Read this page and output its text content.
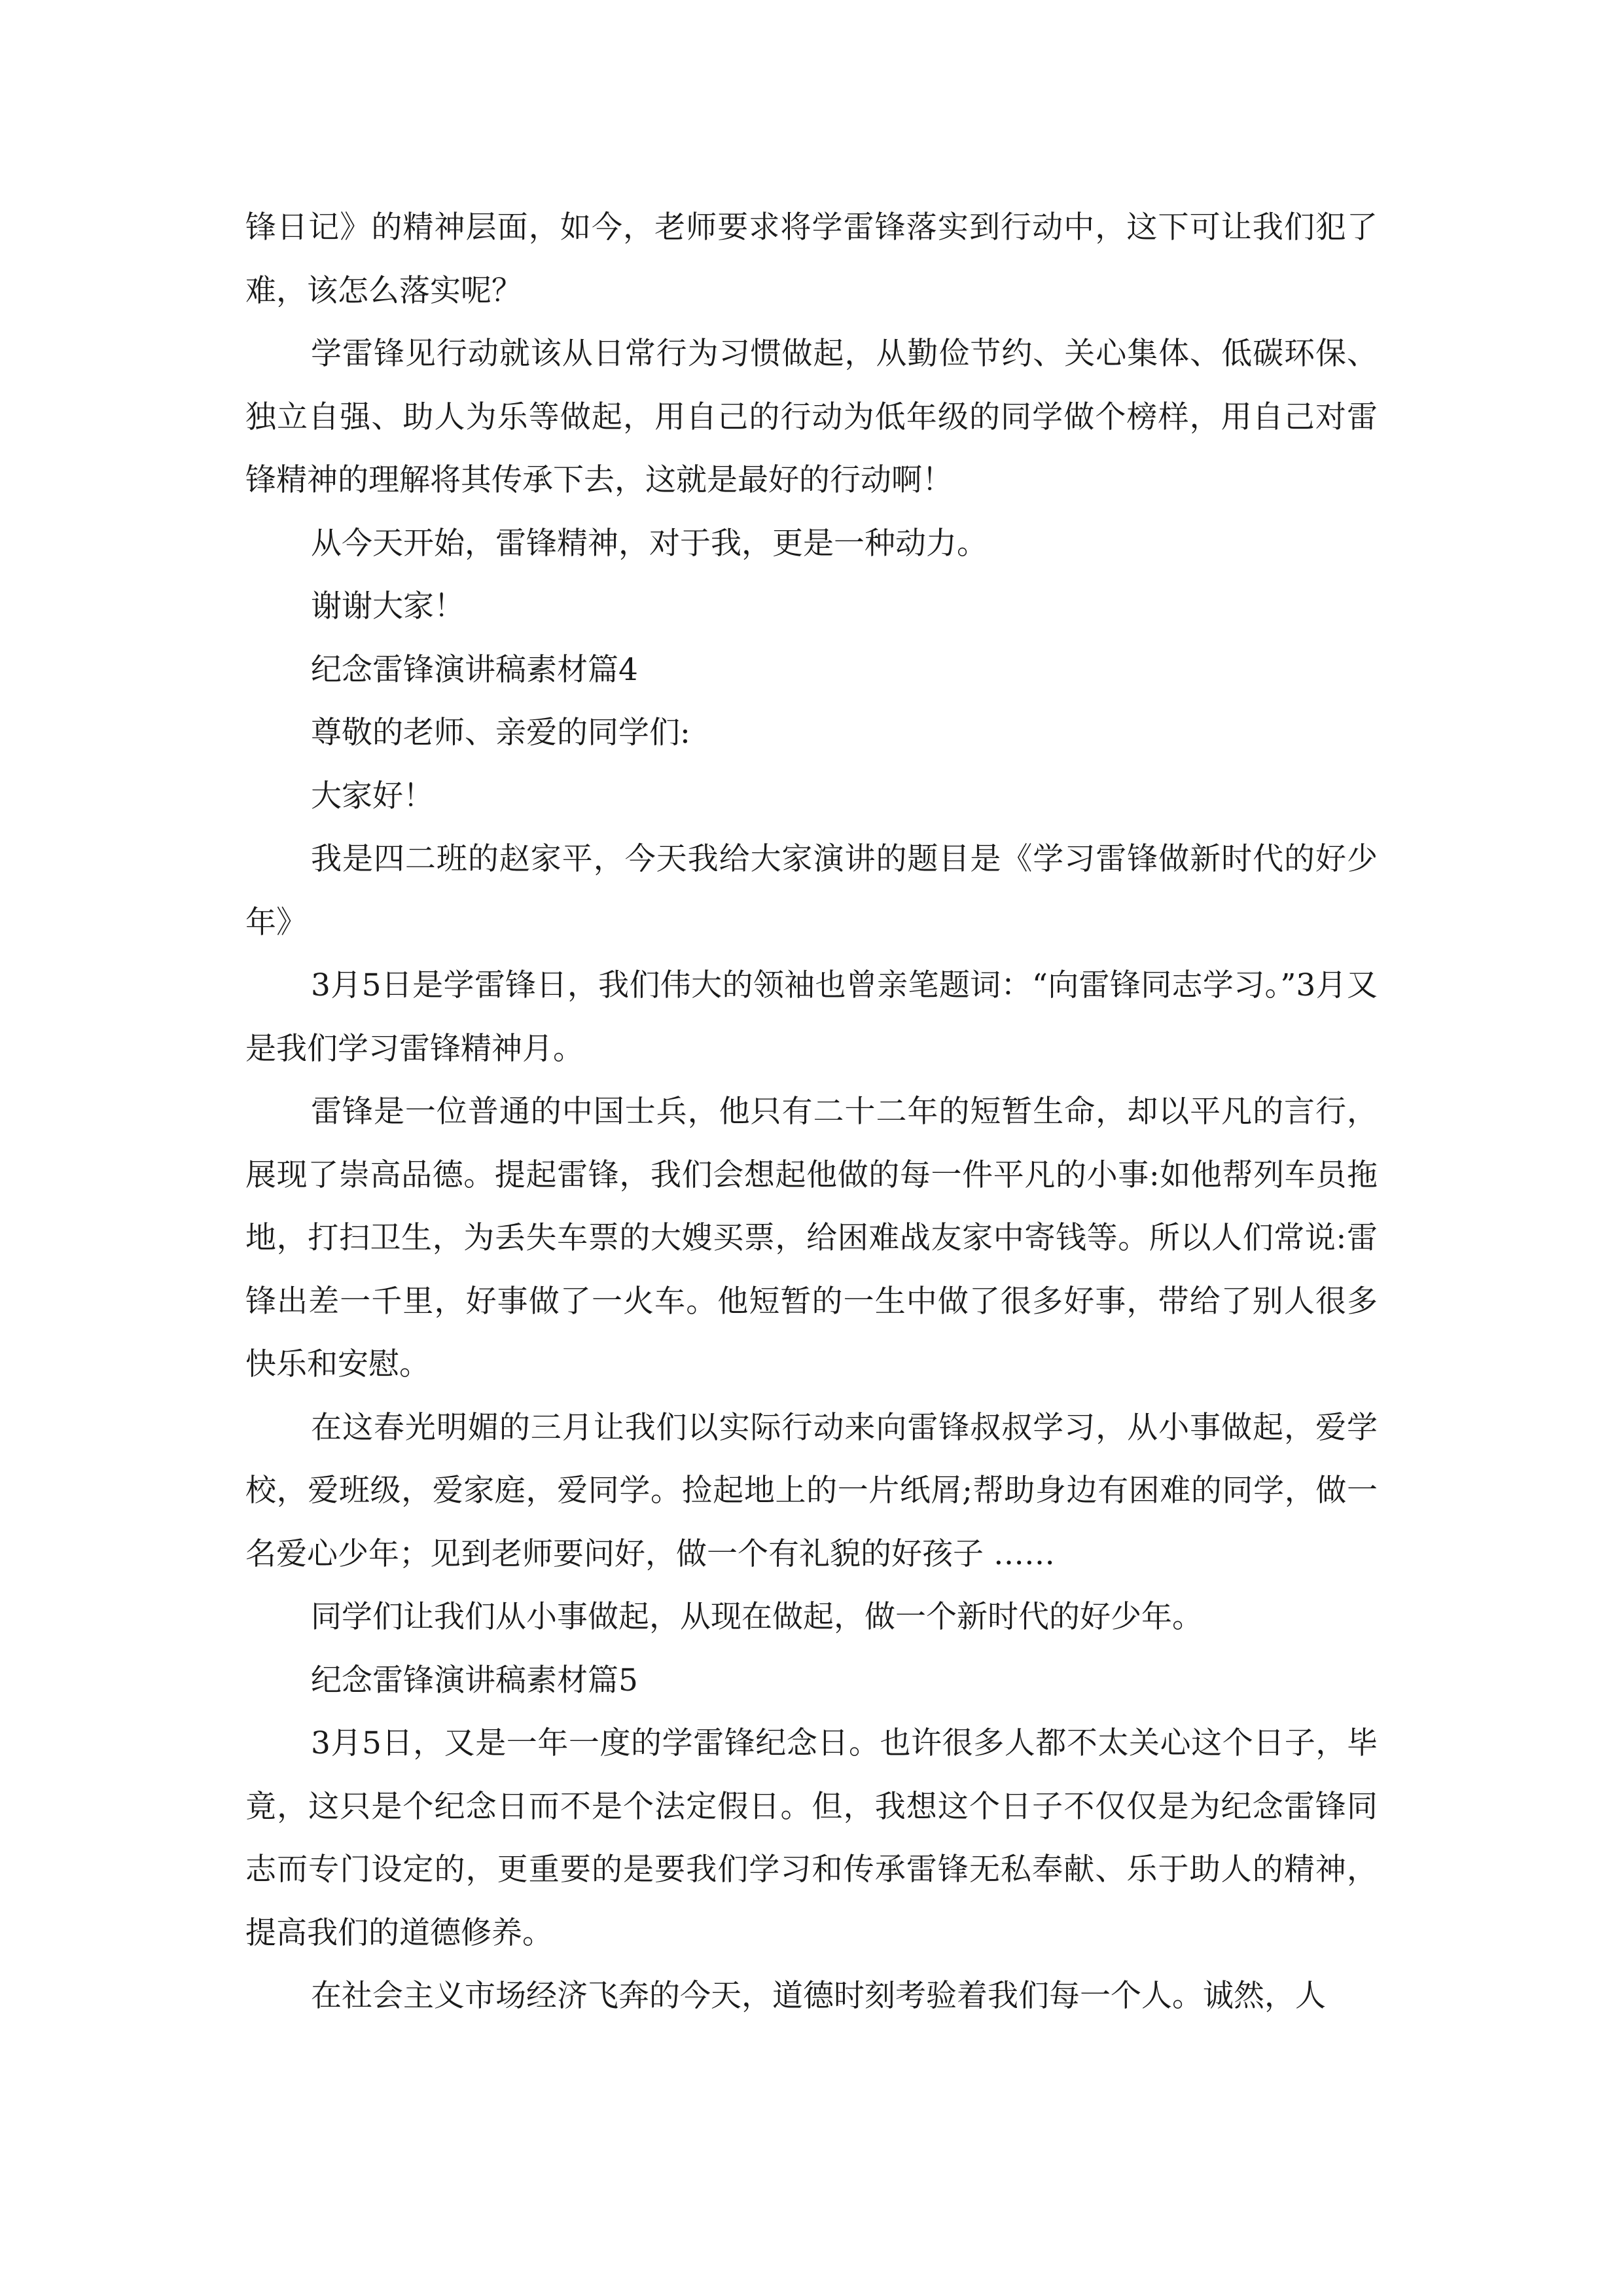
锋日记》的精神层面，如今，老师要求将学雷锋落实到行动中，这下可让我们犯了难，该怎么落实呢？

学雷锋见行动就该从日常行为习惯做起，从勤俭节约、关心集体、低碳环保、独立自强、助人为乐等做起，用自己的行动为低年级的同学做个榜样，用自己对雷锋精神的理解将其传承下去，这就是最好的行动啊！

从今天开始，雷锋精神，对于我，更是一种动力。

谢谢大家！

纪念雷锋演讲稿素材篇4

尊敬的老师、亲爱的同学们:

大家好！

我是四二班的赵家平，今天我给大家演讲的题目是《学习雷锋做新时代的好少年》

3月5日是学雷锋日，我们伟大的领袖也曾亲笔题词：“向雷锋同志学习。”3月又是我们学习雷锋精神月。

雷锋是一位普通的中国士兵，他只有二十二年的短暂生命，却以平凡的言行，展现了崇高品德。提起雷锋，我们会想起他做的每一件平凡的小事:如他帮列车员拖地，打扫卫生，为丢失车票的大嫂买票，给困难战友家中寄钱等。所以人们常说:雷锋出差一千里，好事做了一火车。他短暂的一生中做了很多好事，带给了别人很多快乐和安慰。

在这春光明媚的三月让我们以实际行动来向雷锋叔叔学习，从小事做起，爱学校，爱班级，爱家庭，爱同学。捡起地上的一片纸屑;帮助身边有困难的同学，做一名爱心少年；见到老师要问好，做一个有礼貌的好孩子 ……

同学们让我们从小事做起，从现在做起，做一个新时代的好少年。

纪念雷锋演讲稿素材篇5

3月5日，又是一年一度的学雷锋纪念日。也许很多人都不太关心这个日子，毕竟，这只是个纪念日而不是个法定假日。但，我想这个日子不仅仅是为纪念雷锋同志而专门设定的，更重要的是要我们学习和传承雷锋无私奉献、乐于助人的精神，提高我们的道德修养。

在社会主义市场经济飞奔的今天，道德时刻考验着我们每一个人。诚然，人
